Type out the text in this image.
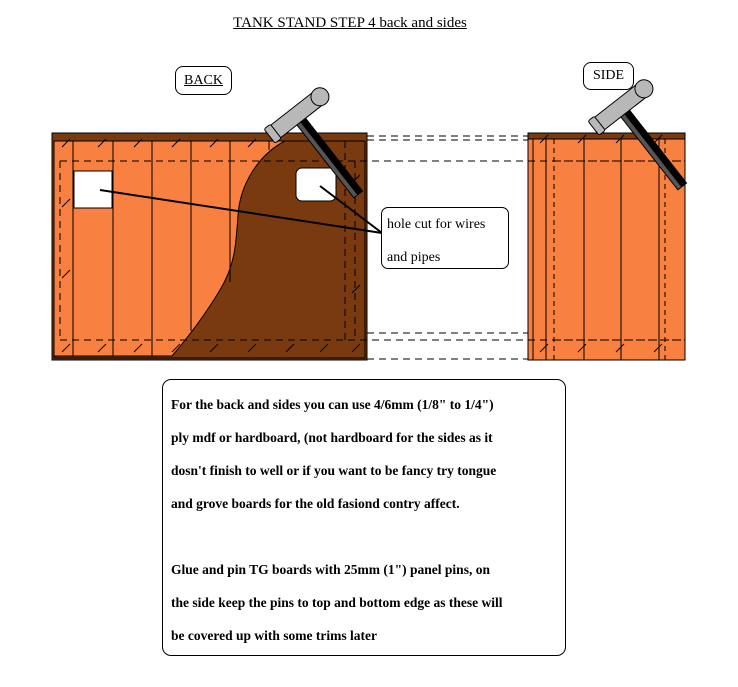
TANK STAND STEP 4 back and sides
BACK	SIDE
hole cut for wires
and pipes
For the back and sides you can use 4/6mm (1/8" to 1/4")
ply mdf or hardboard, (not hardboard for the sides as it
dosn't finish to well or if you want to be fancy try tongue
and grove boards for the old fasiond contry affect.
Glue and pin TG boards with 25mm (1") panel pins, on
the side keep the pins to top and bottom edge as these will
be covered up with some trims later
